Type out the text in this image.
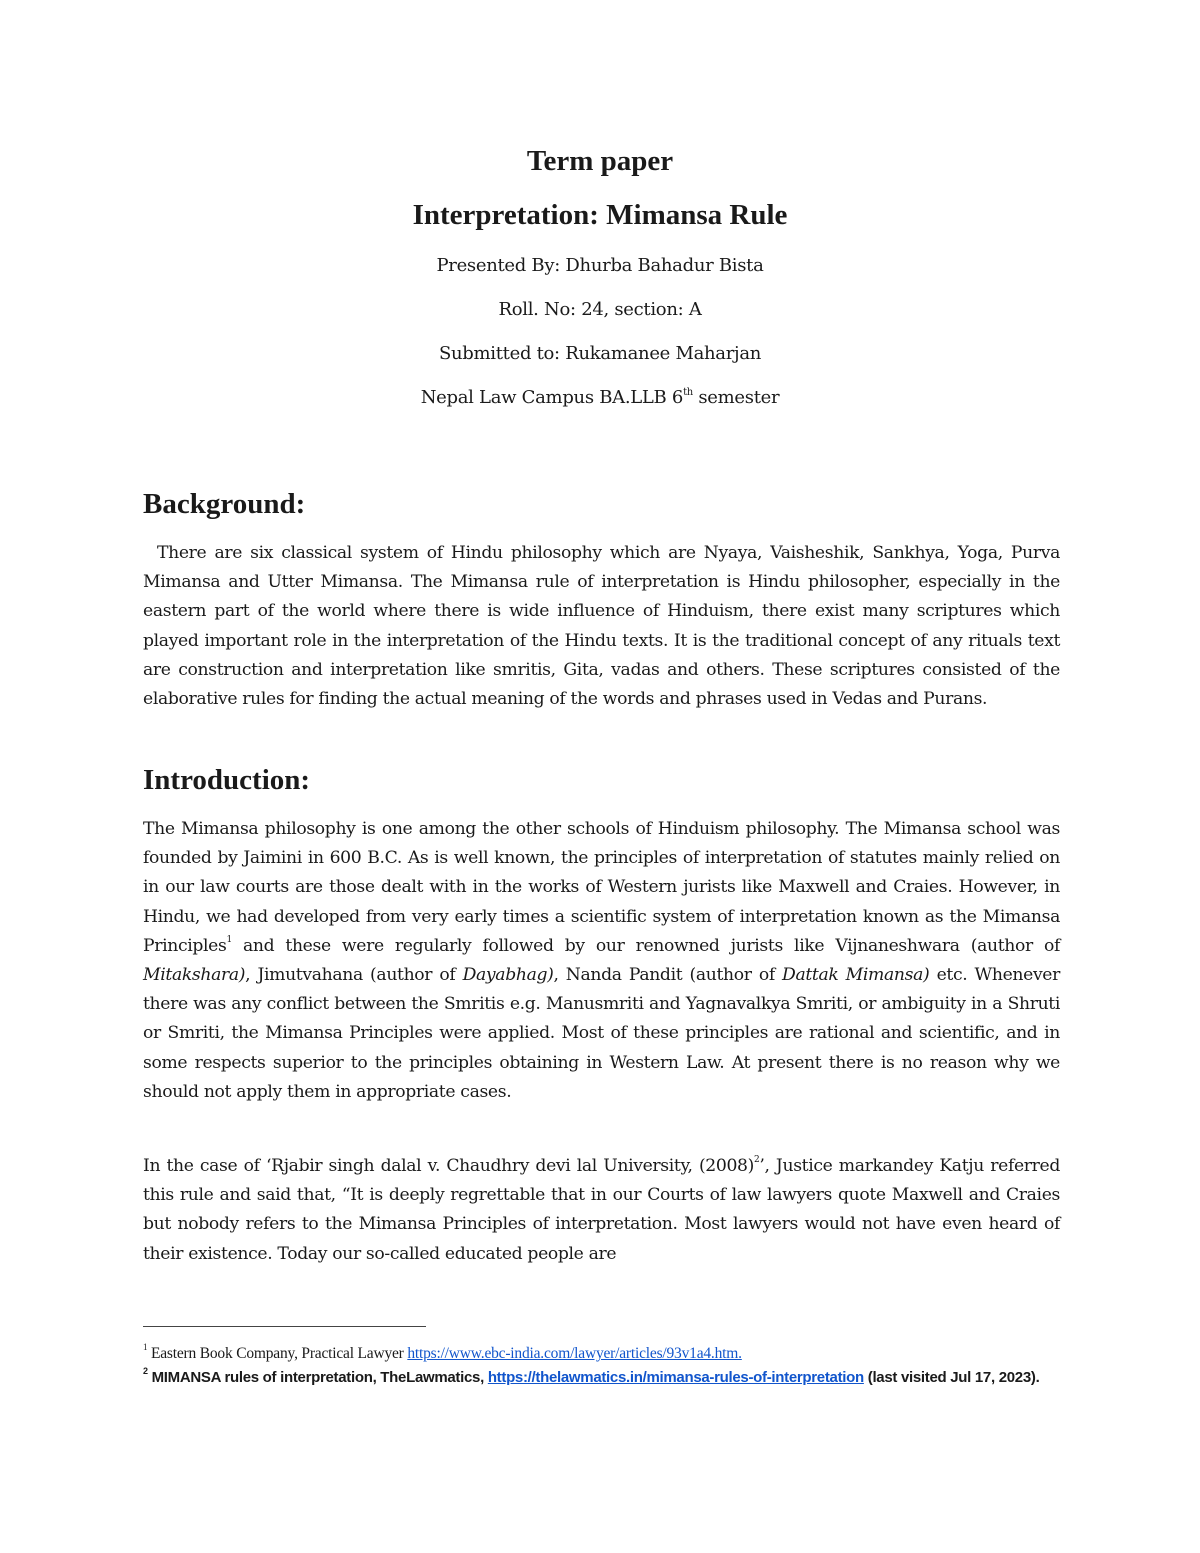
Term paper

Interpretation: Mimansa Rule

Presented By: Dhurba Bahadur Bista

Roll. No: 24, section: A

Submitted to: Rukamanee Maharjan

Nepal Law Campus BA.LLB 6th semester

Background:

There are six classical system of Hindu philosophy which are Nyaya, Vaisheshik, Sankhya, Yoga, Purva Mimansa and Utter Mimansa. The Mimansa rule of interpretation is Hindu philosopher, especially in the eastern part of the world where there is wide influence of Hinduism, there exist many scriptures which played important role in the interpretation of the Hindu texts. It is the traditional concept of any rituals text are construction and interpretation like smritis, Gita, vadas and others. These scriptures consisted of the elaborative rules for finding the actual meaning of the words and phrases used in Vedas and Purans.

Introduction:

The Mimansa philosophy is one among the other schools of Hinduism philosophy. The Mimansa school was founded by Jaimini in 600 B.C. As is well known, the principles of interpretation of statutes mainly relied on in our law courts are those dealt with in the works of Western jurists like Maxwell and Craies. However, in Hindu, we had developed from very early times a scientific system of interpretation known as the Mimansa Principles$^1$ and these were regularly followed by our renowned jurists like Vijnaneshwara (author of Mitakshara), Jimutvahana (author of Dayabhag), Nanda Pandit (author of Dattak Mimansa) etc. Whenever there was any conflict between the Smritis e.g. Manusmriti and Yagnavalkya Smriti, or ambiguity in a Shruti or Smriti, the Mimansa Principles were applied. Most of these principles are rational and scientific, and in some respects superior to the principles obtaining in Western Law. At present there is no reason why we should not apply them in appropriate cases.

In the case of ‘Rjabir singh dalal v. Chaudhry devi lal University, $(2008)^2$’, Justice markandey Katju referred this rule and said that, “It is deeply regrettable that in our Courts of law lawyers quote Maxwell and Craies but nobody refers to the Mimansa Principles of interpretation. Most lawyers would not have even heard of their existence. Today our so-called educated people are

$^1$ Eastern Book Company, Practical Lawyer https://www.ebc-india.com/lawyer/articles/93v1a4.htm.

$^2$ MIMANSA rules of interpretation, TheLawmatics, https://thelawmatics.in/mimansa-rules-of-interpretation (last visited Jul 17, 2023).
